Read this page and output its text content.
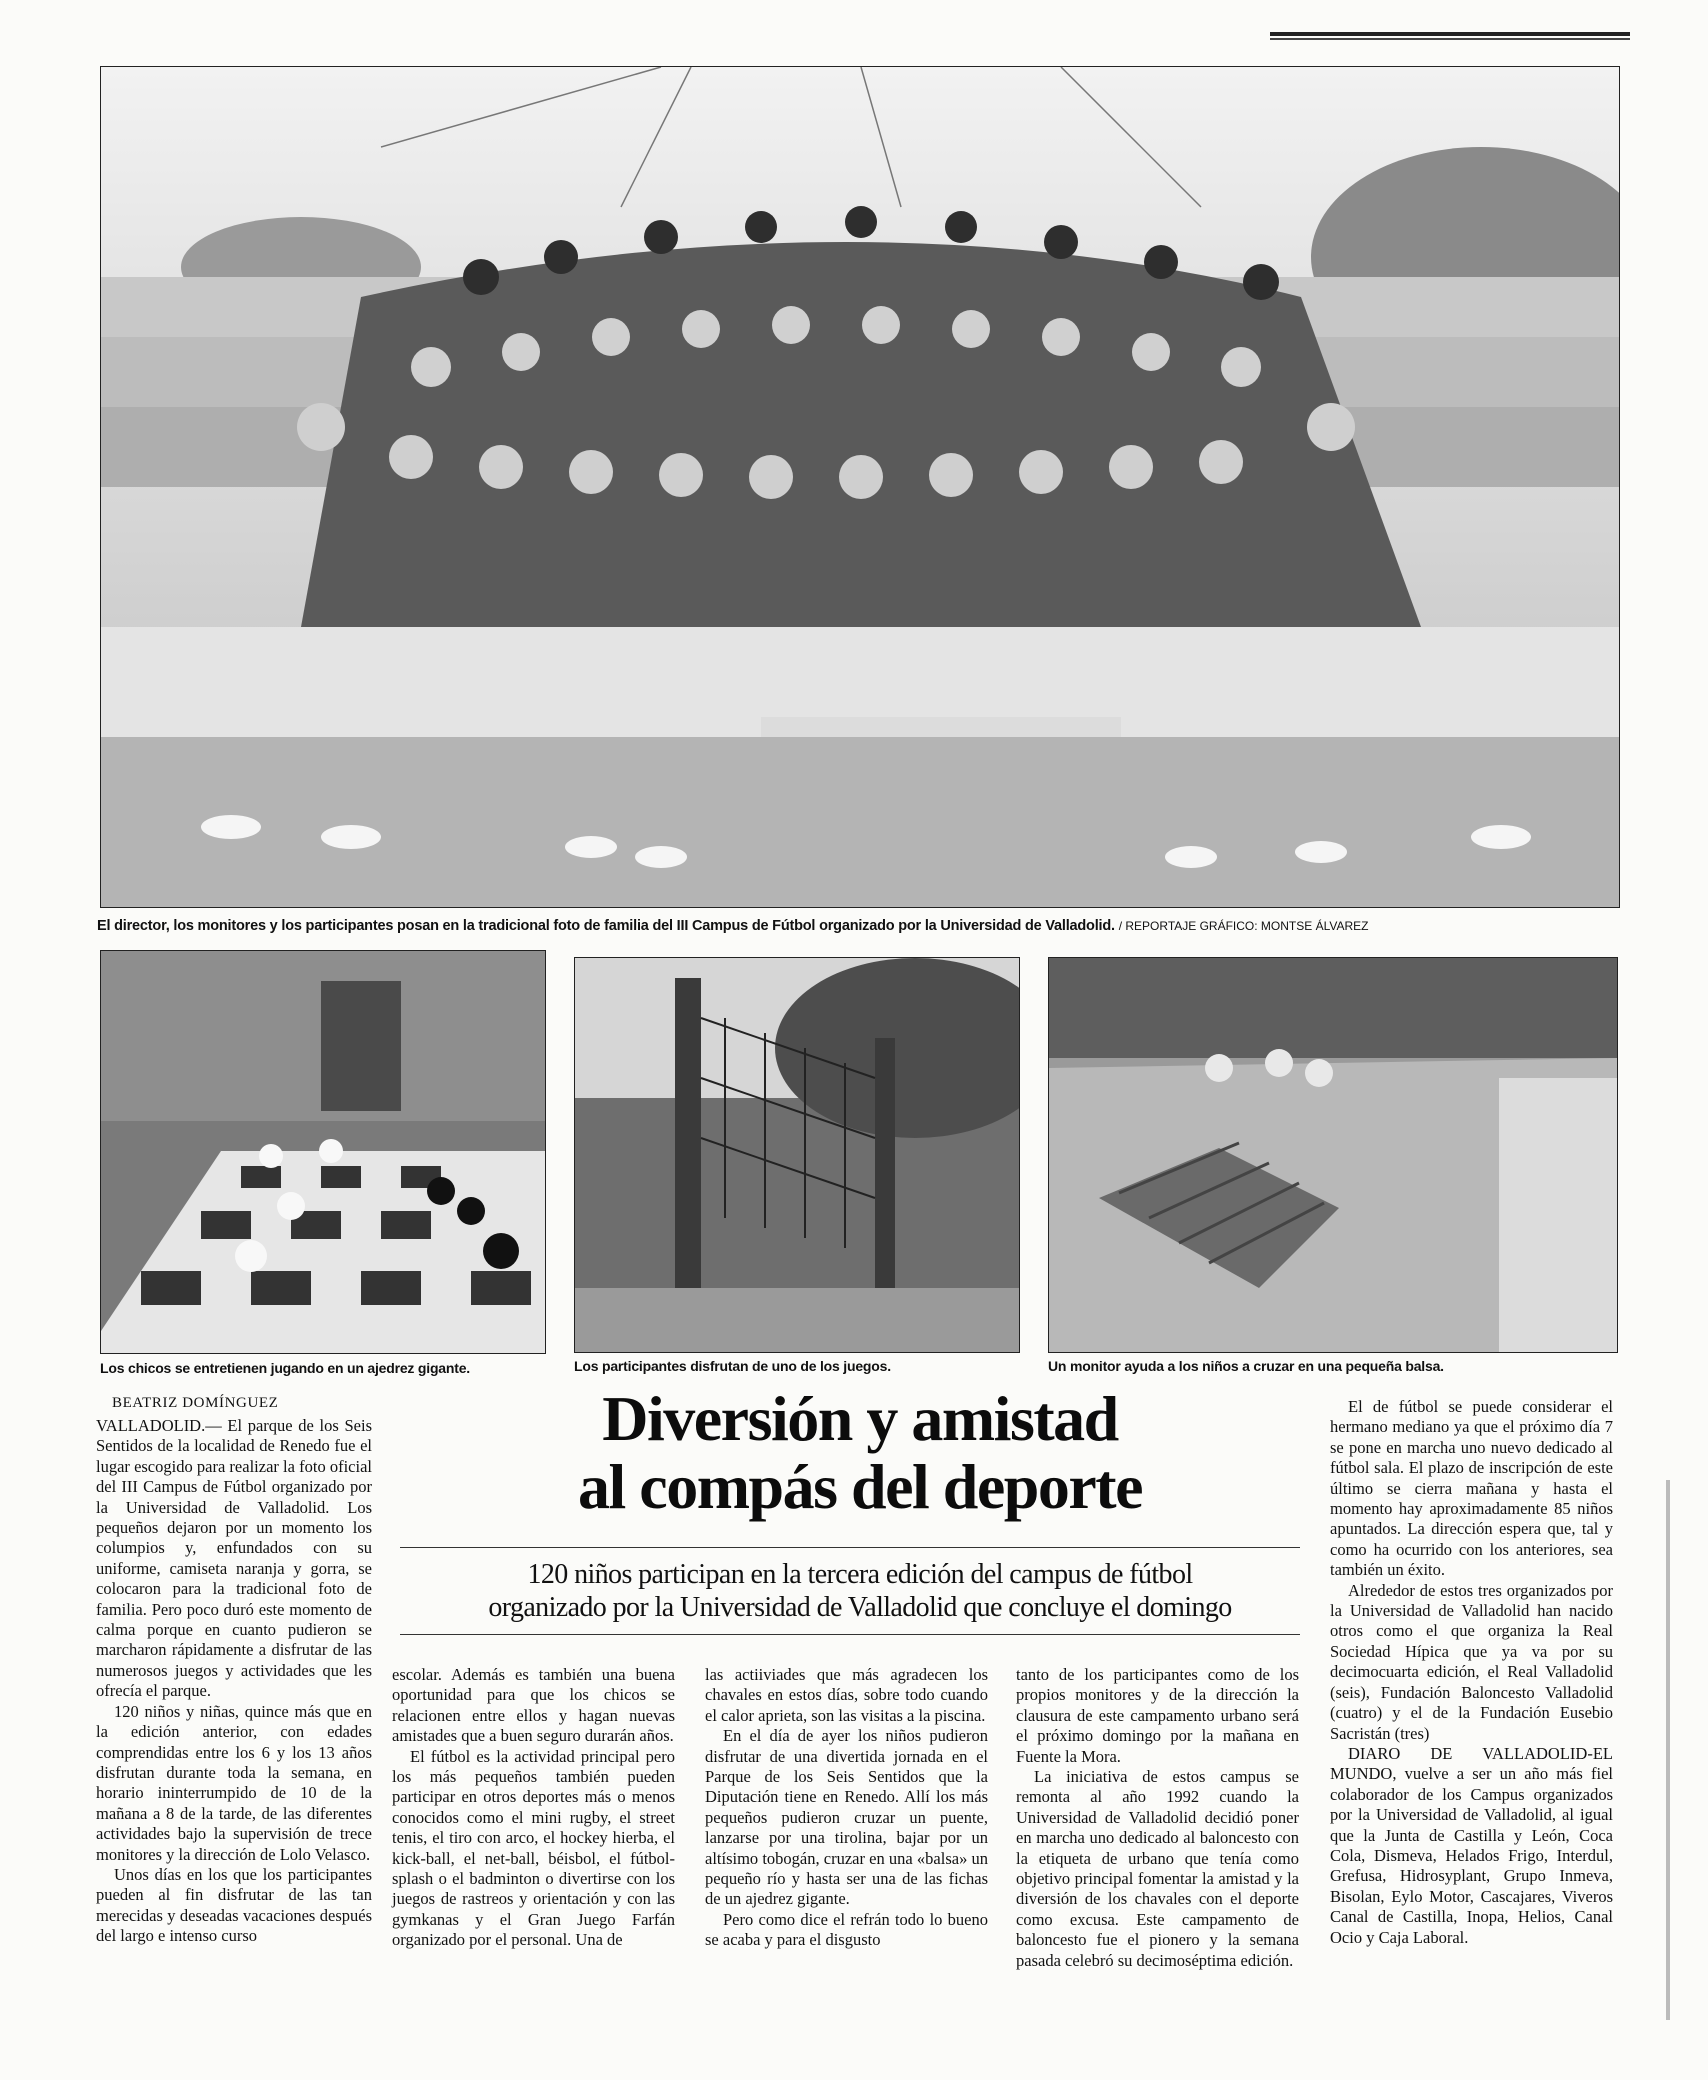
El director, los monitores y los participantes posan en la tradicional foto de familia del III Campus de Fútbol organizado por la Universidad de Valladolid. / REPORTAJE GRÁFICO: MONTSE ÁLVAREZ
Los chicos se entretienen jugando en un ajedrez gigante.	Los participantes disfrutan de uno de los juegos.	Un monitor ayuda a los niños a cruzar en una pequeña balsa.
Diversión y amistad
al compás del deporte
120 niños participan en la tercera edición del campus de fútbol
organizado por la Universidad de Valladolid que concluye el domingo
BEATRIZ DOMÍNGUEZ

VALLADOLID.— El parque de los Seis Sentidos de la localidad de Renedo fue el lugar escogido para realizar la foto oficial del III Campus de Fútbol organizado por la Universidad de Valladolid. Los pequeños dejaron por un momento los columpios y, enfundados con su uniforme, camiseta naranja y gorra, se colocaron para la tradicional foto de familia. Pero poco duró este momento de calma porque en cuanto pudieron se marcharon rápidamente a disfrutar de las numerosos juegos y actividades que les ofrecía el parque.

120 niños y niñas, quince más que en la edición anterior, con edades comprendidas entre los 6 y los 13 años disfrutan durante toda la semana, en horario ininterrumpido de 10 de la mañana a 8 de la tarde, de las diferentes actividades bajo la supervisión de trece monitores y la dirección de Lolo Velasco.

Unos días en los que los participantes pueden al fin disfrutar de las tan merecidas y deseadas vacaciones después del largo e intenso curso

escolar. Además es también una buena oportunidad para que los chicos se relacionen entre ellos y hagan nuevas amistades que a buen seguro durarán años.

El fútbol es la actividad principal pero los más pequeños también pueden participar en otros deportes más o menos conocidos como el mini rugby, el street tenis, el tiro con arco, el hockey hierba, el kick-ball, el net-ball, béisbol, el fútbol-splash o el badminton o divertirse con los juegos de rastreos y orientación y con las gymkanas y el Gran Juego Farfán organizado por el personal. Una de

las actiiviades que más agradecen los chavales en estos días, sobre todo cuando el calor aprieta, son las visitas a la piscina.

En el día de ayer los niños pudieron disfrutar de una divertida jornada en el Parque de los Seis Sentidos que la Diputación tiene en Renedo. Allí los más pequeños pudieron cruzar un puente, lanzarse por una tirolina, bajar por un altísimo tobogán, cruzar en una «balsa» un pequeño río y hasta ser una de las fichas de un ajedrez gigante.

Pero como dice el refrán todo lo bueno se acaba y para el disgusto

tanto de los participantes como de los propios monitores y de la dirección la clausura de este campamento urbano será el próximo domingo por la mañana en Fuente la Mora.

La iniciativa de estos campus se remonta al año 1992 cuando la Universidad de Valladolid decidió poner en marcha uno dedicado al baloncesto con la etiqueta de urbano que tenía como objetivo principal fomentar la amistad y la diversión de los chavales con el deporte como excusa. Este campamento de baloncesto fue el pionero y la semana pasada celebró su decimoséptima edición.

El de fútbol se puede considerar el hermano mediano ya que el próximo día 7 se pone en marcha uno nuevo dedicado al fútbol sala. El plazo de inscripción de este último se cierra mañana y hasta el momento hay aproximadamente 85 niños apuntados. La dirección espera que, tal y como ha ocurrido con los anteriores, sea también un éxito.

Alrededor de estos tres organizados por la Universidad de Valladolid han nacido otros como el que organiza la Real Sociedad Hípica que ya va por su decimocuarta edición, el Real Valladolid (seis), Fundación Baloncesto Valladolid (cuatro) y el de la Fundación Eusebio Sacristán (tres)

DIARO DE VALLADOLID-EL MUNDO, vuelve a ser un año más fiel colaborador de los Campus organizados por la Universidad de Valladolid, al igual que la Junta de Castilla y León, Coca Cola, Dismeva, Helados Frigo, Interdul, Grefusa, Hidrosyplant, Grupo Inmeva, Bisolan, Eylo Motor, Cascajares, Viveros Canal de Castilla, Inopa, Helios, Canal Ocio y Caja Laboral.
